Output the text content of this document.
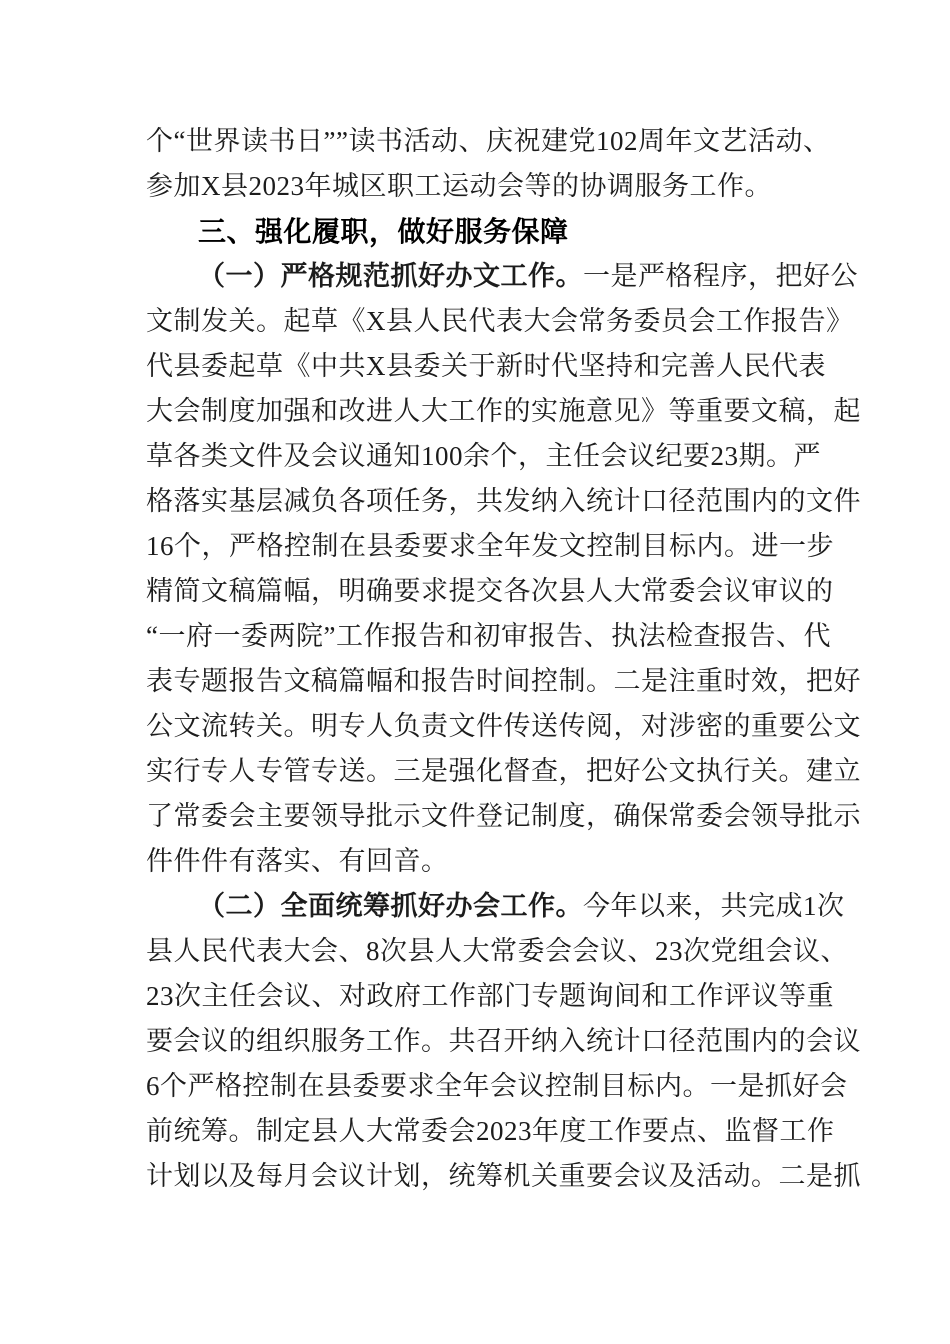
个“世界读书日””读书活动、庆祝建党102周年文艺活动、
参加X县2023年城区职工运动会等的协调服务工作。
三、强化履职，做好服务保障
（一）严格规范抓好办文工作。一是严格程序，把好公
文制发关。起草《X县人民代表大会常务委员会工作报告》
代县委起草《中共X县委关于新时代坚持和完善人民代表
大会制度加强和改进人大工作的实施意见》等重要文稿，起
草各类文件及会议通知100余个，主任会议纪要23期。严
格落实基层减负各项任务，共发纳入统计口径范围内的文件
16个，严格控制在县委要求全年发文控制目标内。进一步
精简文稿篇幅，明确要求提交各次县人大常委会议审议的
“一府一委两院”工作报告和初审报告、执法检查报告、代
表专题报告文稿篇幅和报告时间控制。二是注重时效，把好
公文流转关。明专人负责文件传送传阅，对涉密的重要公文
实行专人专管专送。三是强化督查，把好公文执行关。建立
了常委会主要领导批示文件登记制度，确保常委会领导批示
件件件有落实、有回音。
（二）全面统筹抓好办会工作。今年以来，共完成1次
县人民代表大会、8次县人大常委会会议、23次党组会议、
23次主任会议、对政府工作部门专题询间和工作评议等重
要会议的组织服务工作。共召开纳入统计口径范围内的会议
6个严格控制在县委要求全年会议控制目标内。一是抓好会
前统筹。制定县人大常委会2023年度工作要点、监督工作
计划以及每月会议计划，统筹机关重要会议及活动。二是抓
